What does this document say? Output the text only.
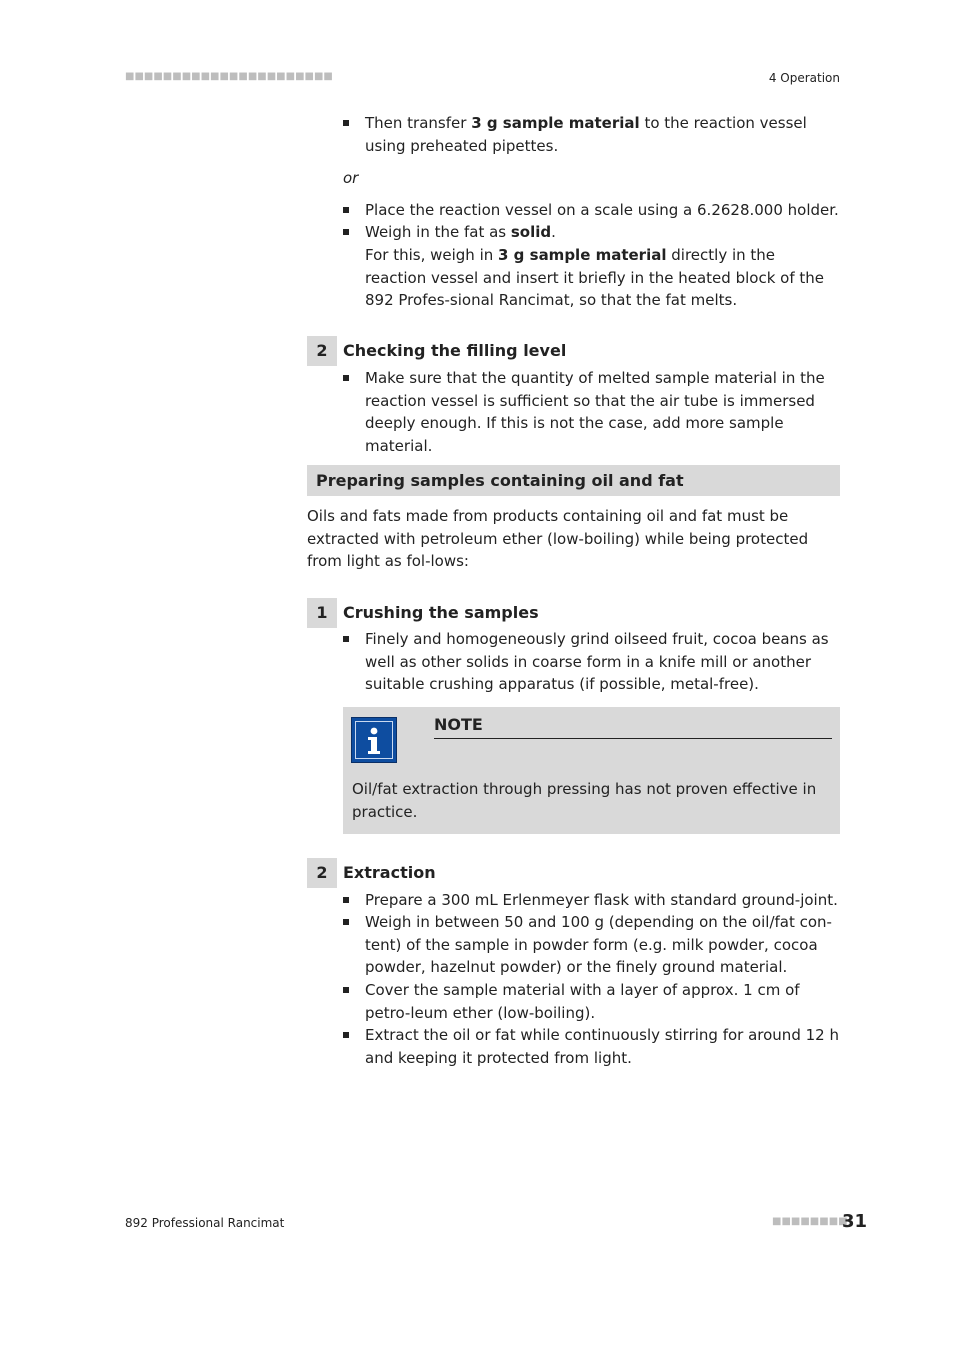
■■■■■■■■■■■■■■■■■■■■■■	4 Operation
Then transfer 3 g sample material to the reaction vessel using preheated pipettes.
or
Place the reaction vessel on a scale using a 6.2628.000 holder.
Weigh in the fat as solid.
For this, weigh in 3 g sample material directly in the reaction vessel and insert it briefly in the heated block of the 892 Profes-sional Rancimat, so that the fat melts.
2 Checking the filling level
Make sure that the quantity of melted sample material in the reaction vessel is sufficient so that the air tube is immersed deeply enough. If this is not the case, add more sample material.
Preparing samples containing oil and fat
Oils and fats made from products containing oil and fat must be extracted with petroleum ether (low-boiling) while being protected from light as fol-lows:
1 Crushing the samples
Finely and homogeneously grind oilseed fruit, cocoa beans as well as other solids in coarse form in a knife mill or another suitable crushing apparatus (if possible, metal-free).
NOTE
Oil/fat extraction through pressing has not proven effective in practice.
2 Extraction
Prepare a 300 mL Erlenmeyer flask with standard ground-joint.
Weigh in between 50 and 100 g (depending on the oil/fat con-tent) of the sample in powder form (e.g. milk powder, cocoa powder, hazelnut powder) or the finely ground material.
Cover the sample material with a layer of approx. 1 cm of petro-leum ether (low-boiling).
Extract the oil or fat while continuously stirring for around 12 h and keeping it protected from light.
892 Professional Rancimat	■■■■■■■■
31
